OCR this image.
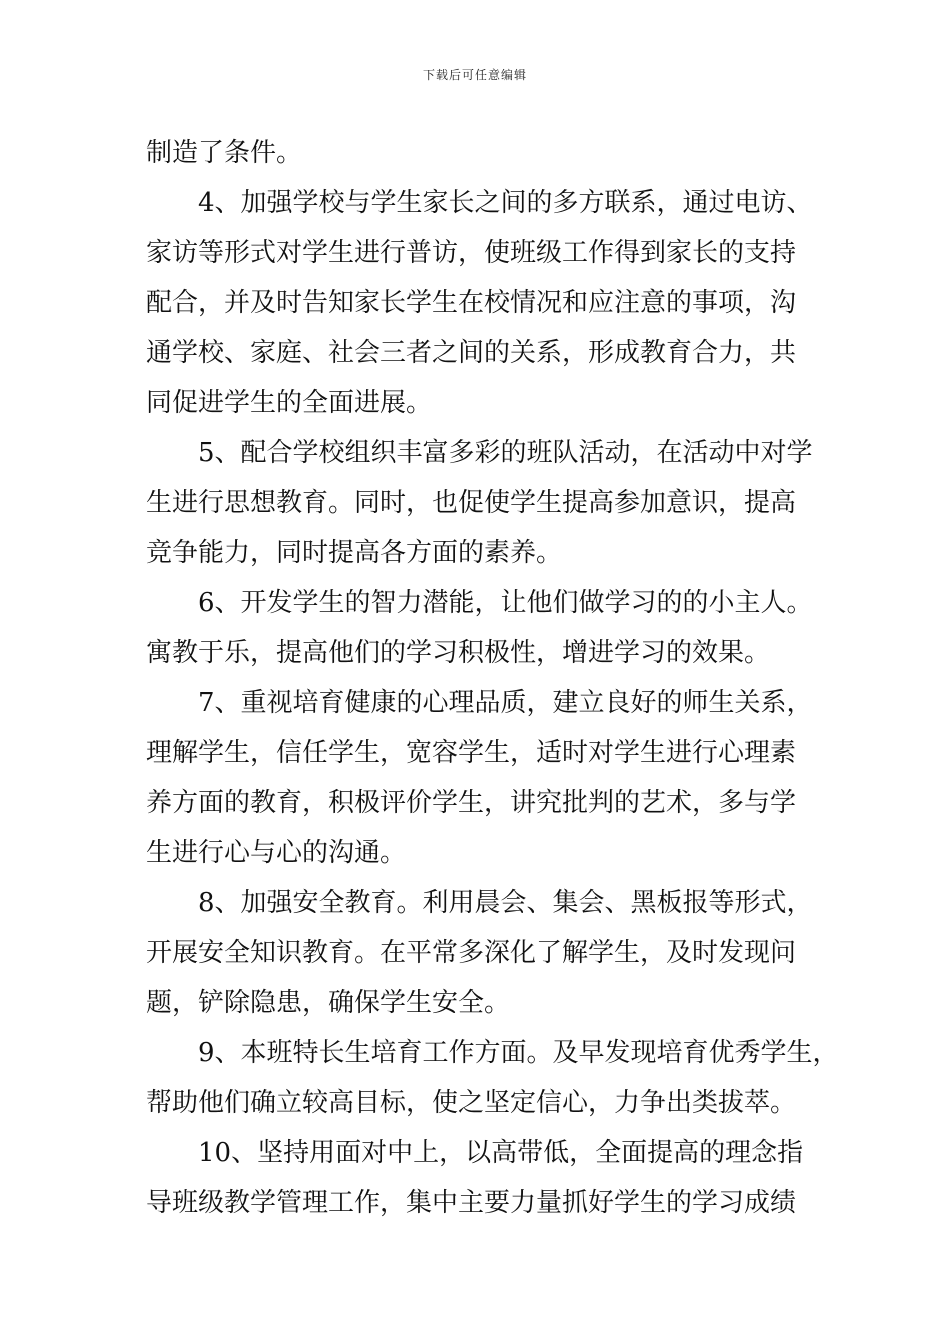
下载后可任意编辑
制造了条件。
4、加强学校与学生家长之间的多方联系，通过电访、
家访等形式对学生进行普访，使班级工作得到家长的支持
配合，并及时告知家长学生在校情况和应注意的事项，沟
通学校、家庭、社会三者之间的关系，形成教育合力，共
同促进学生的全面进展。
5、配合学校组织丰富多彩的班队活动，在活动中对学
生进行思想教育。同时，也促使学生提高参加意识，提高
竞争能力，同时提高各方面的素养。
6、开发学生的智力潜能，让他们做学习的的小主人。
寓教于乐，提高他们的学习积极性，增进学习的效果。
7、重视培育健康的心理品质，建立良好的师生关系，
理解学生，信任学生，宽容学生，适时对学生进行心理素
养方面的教育，积极评价学生，讲究批判的艺术，多与学
生进行心与心的沟通。
8、加强安全教育。利用晨会、集会、黑板报等形式，
开展安全知识教育。在平常多深化了解学生，及时发现问
题，铲除隐患，确保学生安全。
9、本班特长生培育工作方面。及早发现培育优秀学生，
帮助他们确立较高目标，使之坚定信心，力争出类拔萃。
10、坚持用面对中上，以高带低，全面提高的理念指
导班级教学管理工作，集中主要力量抓好学生的学习成绩
